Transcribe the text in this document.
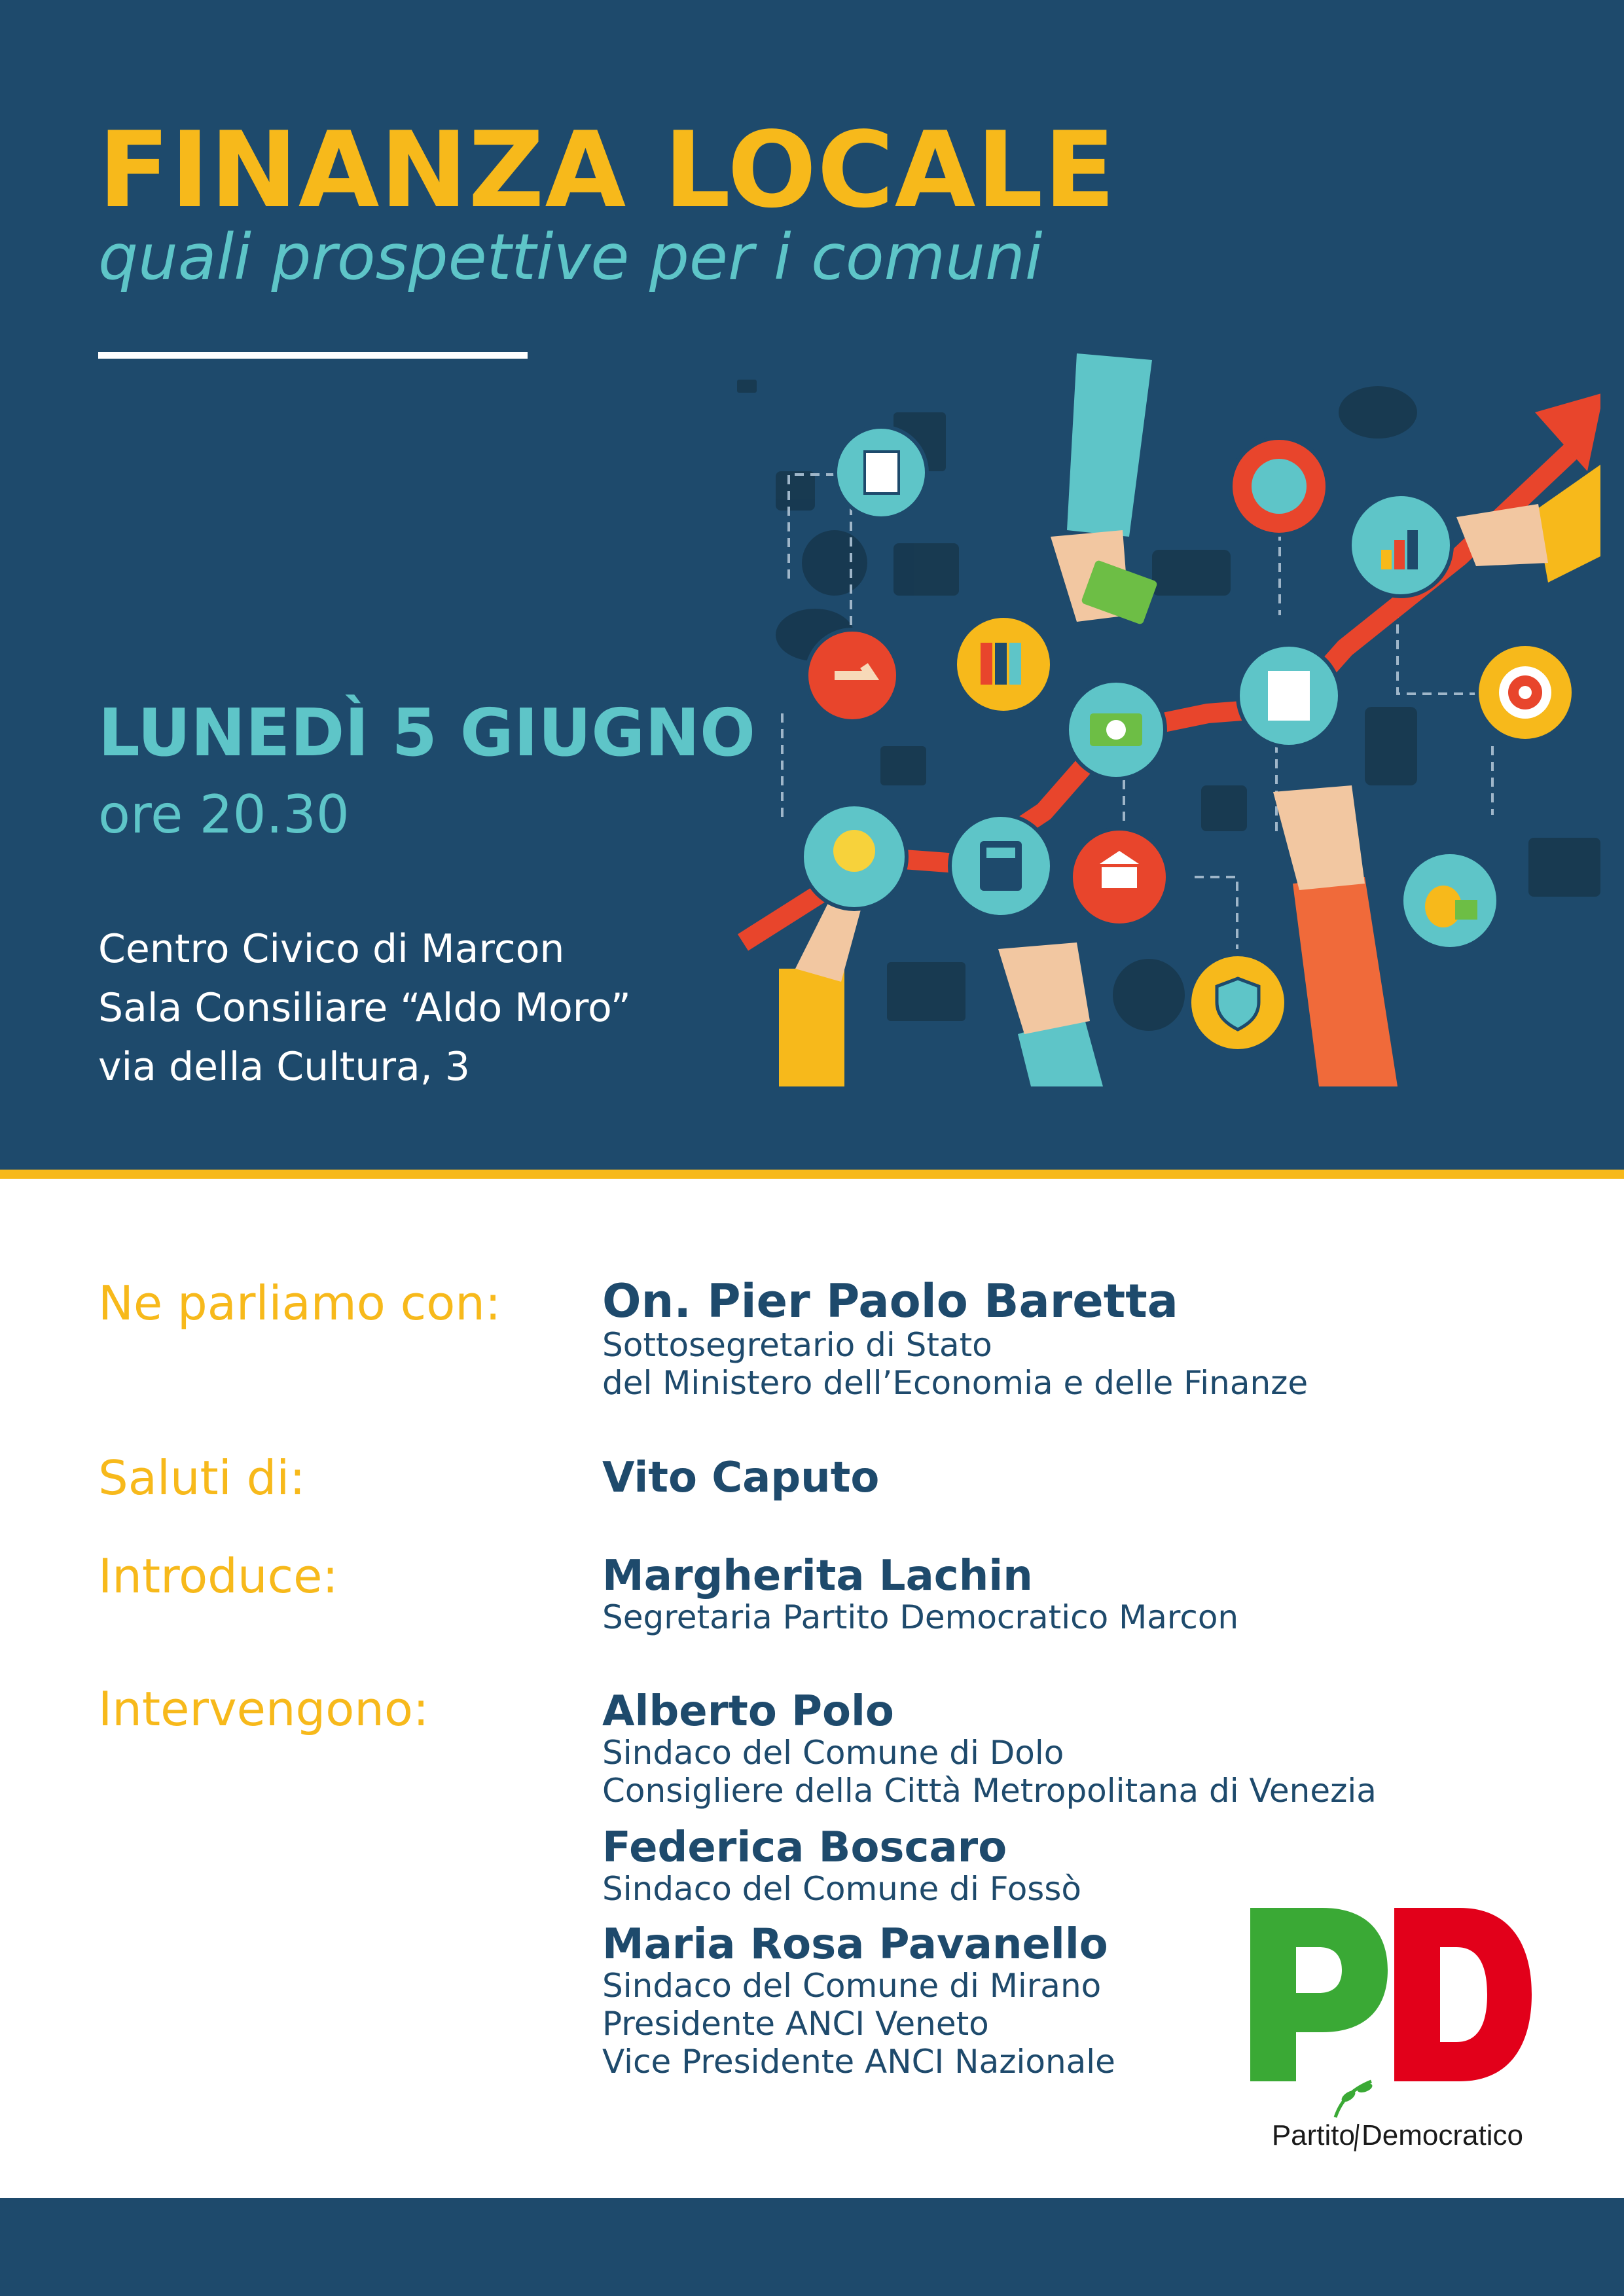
FINANZA LOCALE
quali prospettive per i comuni
LUNEDÌ 5 GIUGNO
ore 20.30
Centro Civico di Marcon
Sala Consiliare “Aldo Moro”
via della Cultura, 3
Ne parliamo con: On. Pier Paolo Baretta
Sottosegretario di Stato
del Ministero dell’Economia e delle Finanze
Saluti di:	Vito Caputo
Introduce:	Margherita Lachin
Segretaria Partito Democratico Marcon
Intervengono:	Alberto Polo
Sindaco del Comune di Dolo
Consigliere della Città Metropolitana di Venezia
Federica Boscaro
Sindaco del Comune di Fossò
Maria Rosa Pavanello
Sindaco del Comune di Mirano
Presidente ANCI Veneto
Vice Presidente ANCI Nazionale
Partito Democratico
